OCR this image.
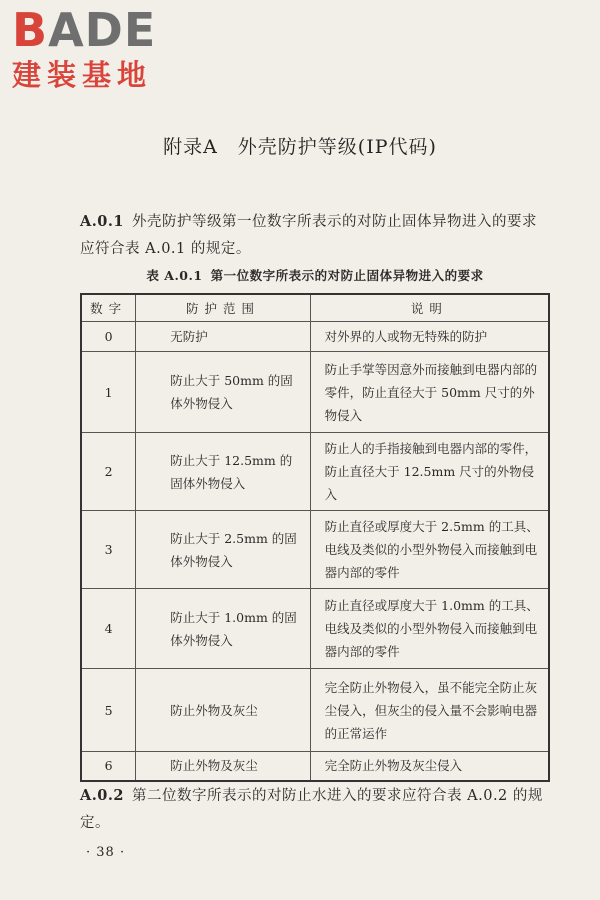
BADE
建装基地
附录A　外壳防护等级(IP代码)
A.0.1 外壳防护等级第一位数字所表示的对防止固体异物进入的要求应符合表 A.0.1 的规定。
表 A.0.1 第一位数字所表示的对防止固体异物进入的要求
数字	防护范围	说明
0	无防护	对外界的人或物无特殊的防护
1	防止大于 50mm 的固体外物侵入	防止手掌等因意外而接触到电器内部的零件，防止直径大于 50mm 尺寸的外物侵入
2	防止大于 12.5mm 的固体外物侵入	防止人的手指接触到电器内部的零件，防止直径大于 12.5mm 尺寸的外物侵入
3	防止大于 2.5mm 的固体外物侵入	防止直径或厚度大于 2.5mm 的工具、电线及类似的小型外物侵入而接触到电器内部的零件
4	防止大于 1.0mm 的固体外物侵入	防止直径或厚度大于 1.0mm 的工具、电线及类似的小型外物侵入而接触到电器内部的零件
5	防止外物及灰尘	完全防止外物侵入，虽不能完全防止灰尘侵入，但灰尘的侵入量不会影响电器的正常运作
6	防止外物及灰尘	完全防止外物及灰尘侵入
A.0.2 第二位数字所表示的对防止水进入的要求应符合表 A.0.2 的规定。
· 38 ·
